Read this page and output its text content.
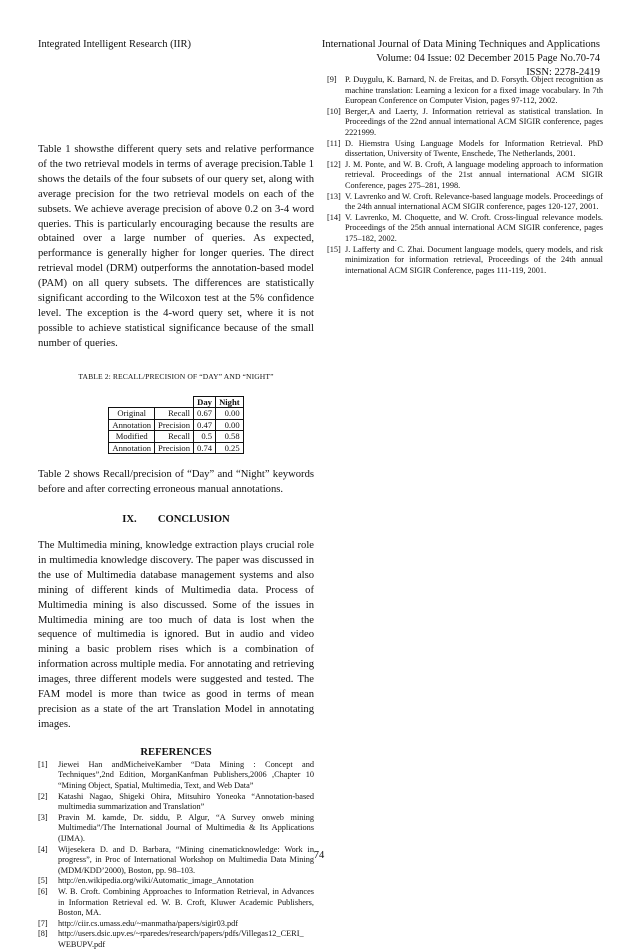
Integrated Intelligent Research (IIR)	International Journal of Data Mining Techniques and Applications
Volume: 04 Issue: 02 December 2015 Page No.70-74
ISSN: 2278-2419

Table 1 showsthe different query sets and relative performance of the two retrieval models in terms of average precision.Table 1 shows the details of the four subsets of our query set, along with average precision for the two retrieval models on each of the subsets. We achieve average precision of above 0.2 on 3-4 word queries. This is particularly encouraging because the results are obtained over a large number of queries. As expected, performance is generally higher for longer queries. The direct retrieval model (DRM) outperforms the annotation-based model (PAM) on all query subsets. The differences are statistically significant according to the Wilcoxon test at the 5% confidence level. The exception is the 4-word query set, where it is not possible to achieve statistical significance because of the small number of queries.

TABLE 2: RECALL/PRECISION OF “DAY” AND “NIGHT”

		Day	Night
Original	Recall	0.67	0.00
Annotation	Precision	0.47	0.00
Modified	Recall	0.5	0.58
Annotation	Precision	0.74	0.25

Table 2 shows Recall/precision of “Day” and “Night” keywords before and after correcting erroneous manual annotations.

IX.  CONCLUSION

The Multimedia mining, knowledge extraction plays crucial role in multimedia knowledge discovery. The paper was discussed in the use of Multimedia database management systems and also mining of different kinds of Multimedia data. Process of Multimedia mining is also discussed. Some of the issues in Multimedia mining are too much of data is lost when the sequence of multimedia is ignored. But in audio and video mining a basic problem rises which is a combination of information across multiple media. For annotating and retrieving images, three different models were suggested and tested. The FAM model is more than twice as good in terms of mean precision as a state of the art Translation Model in annotating images.

REFERENCES

[1]	Jiewei Han andMicheiveKamber “Data Mining : Concept and Techniques”,2nd Edition, MorganKanfman Publishers,2006 ,Chapter 10 “Mining Object, Spatial, Multimedia, Text, and Web Data”
[2]	Katashi Nagao, Shigeki Ohira, Mitsuhiro Yoneoka “Annotation-based multimedia summarization and Translation”
[3]	Pravin M. kamde, Dr. siddu, P. Algur, “A Survey onweb mining Multimedia”/The International Journal of Multimedia & Its Applications (IJMA).
[4]	Wijesekera D. and D. Barbara, “Mining cinematicknowledge: Work in progress”, in Proc of International Workshop on Multimedia Data Mining (MDM/KDD’2000), Boston, pp. 98–103.
[5]	http://en.wikipedia.org/wiki/Automatic_image_Annotation
[6]	W. B. Croft. Combining Approaches to Information Retrieval, in Advances in Information Retrieval ed. W. B. Croft, Kluwer Academic Publishers, Boston, MA.
[7]	http://ciir.cs.umass.edu/~manmatha/papers/sigir03.pdf
[8]	http://users.dsic.upv.es/~rparedes/research/papers/pdfs/Villegas12_CERI_ WEBUPV.pdf
[9]	P. Duygulu, K. Barnard, N. de Freitas, and D. Forsyth. Object recognition as machine translation: Learning a lexicon for a fixed image vocabulary. In 7th European Conference on Computer Vision, pages 97-112, 2002.
[10] Berger,A and Laerty, J. Information retrieval as statistical translation. In Proceedings of the 22nd annual international ACM SIGIR conference, pages 2221999.
[11] D. Hiemstra Using Language Models for Information Retrieval. PhD dissertation, University of Twente, Enschede, The Netherlands, 2001.
[12] J. M. Ponte, and W. B. Croft, A language modeling approach to information retrieval. Proceedings of the 21st annual international ACM SIGIR Conference, pages 275–281, 1998.
[13] V. Lavrenko and W. Croft. Relevance-based language models. Proceedings of the 24th annual international ACM SIGIR conference, pages 120-127, 2001.
[14] V. Lavrenko, M. Choquette, and W. Croft. Cross-lingual relevance models. Proceedings of the 25th annual international ACM SIGIR conference, pages 175–182, 2002.
[15] J. Lafferty and C. Zhai. Document language models, query models, and risk minimization for information retrieval, Proceedings of the 24th annual international ACM SIGIR Conference, pages 111-119, 2001.
74
